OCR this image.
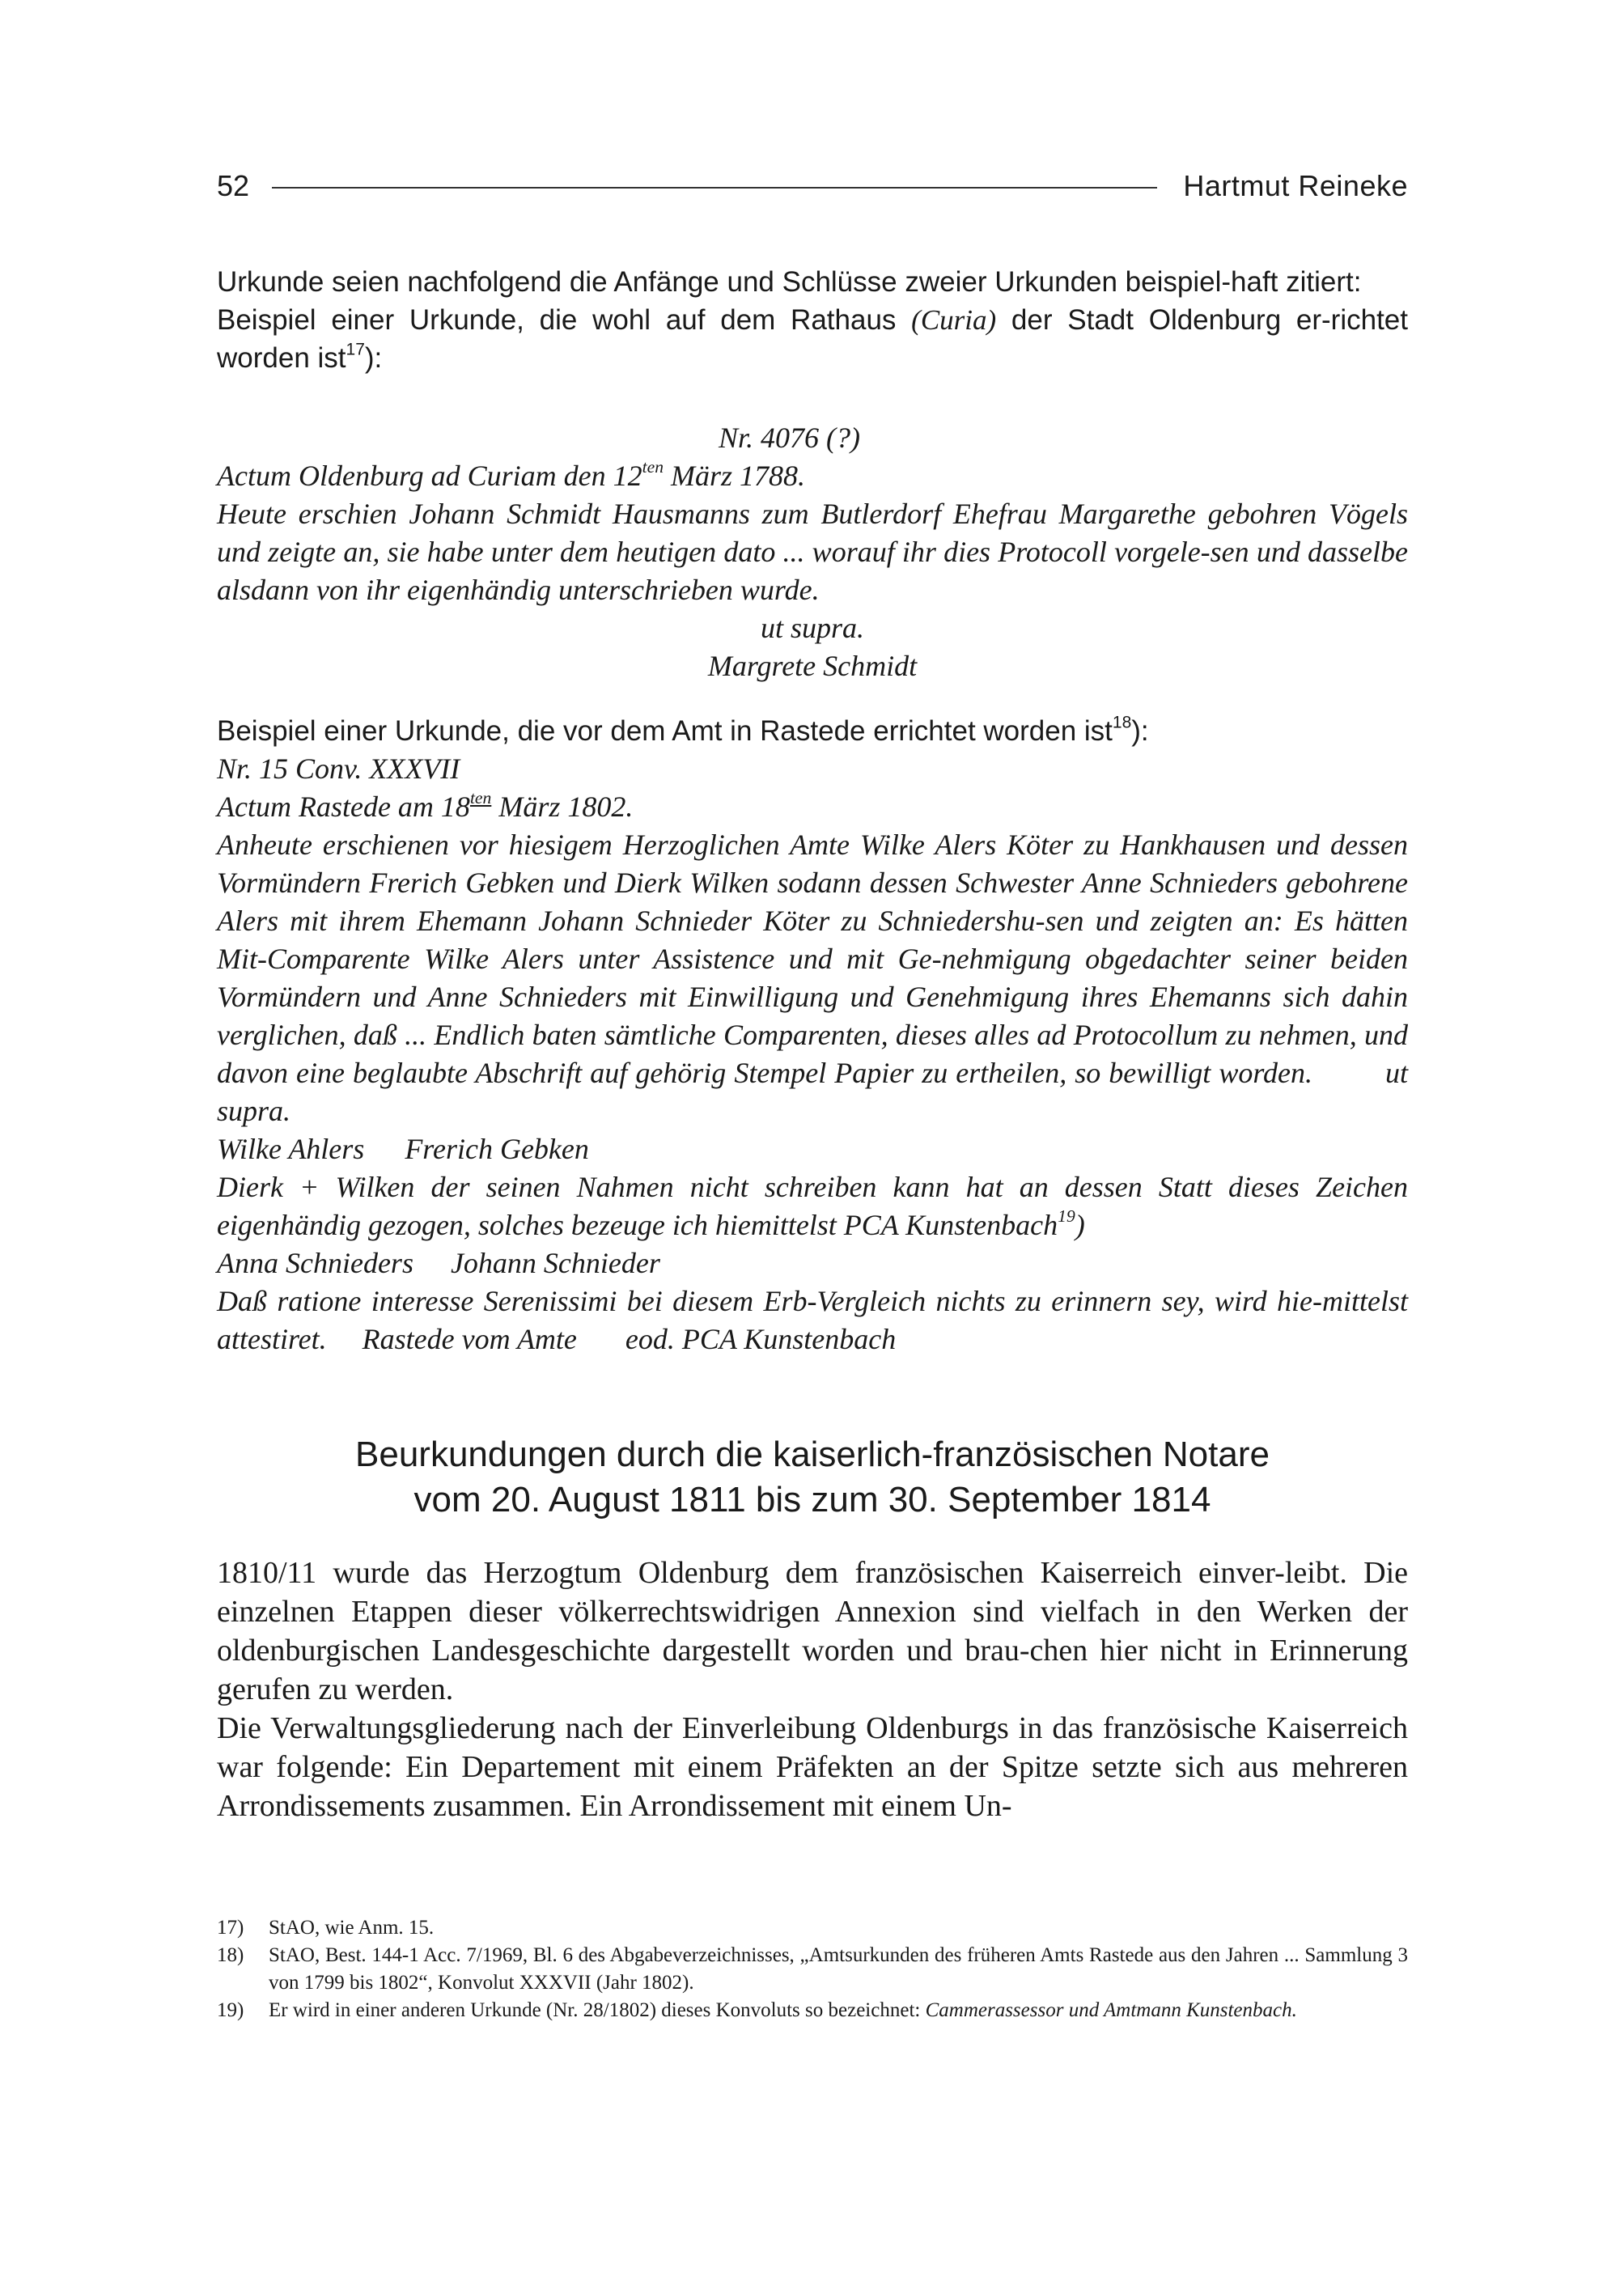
52	Hartmut Reineke

Urkunde seien nachfolgend die Anfänge und Schlüsse zweier Urkunden beispiel-haft zitiert:

Beispiel einer Urkunde, die wohl auf dem Rathaus (Curia) der Stadt Oldenburg er-richtet worden ist$^{17}$):

Nr. 4076 (?)

Actum Oldenburg ad Curiam den $12^{ten}$ März 1788.

Heute erschien Johann Schmidt Hausmanns zum Butlerdorf Ehefrau Margarethe gebohren Vögels und zeigte an, sie habe unter dem heutigen dato ... worauf ihr dies Protocoll vorgele-sen und dasselbe alsdann von ihr eigenhändig unterschrieben wurde.

ut supra.

Margrete Schmidt

Beispiel einer Urkunde, die vor dem Amt in Rastede errichtet worden ist$^{18}$):

Nr. 15 Conv. XXXVII

Actum Rastede am $18^{ten}$ März 1802.

Anheute erschienen vor hiesigem Herzoglichen Amte Wilke Alers Köter zu Hankhausen und dessen Vormündern Frerich Gebken und Dierk Wilken sodann dessen Schwester Anne Schnieders gebohrene Alers mit ihrem Ehemann Johann Schnieder Köter zu Schniedershu-sen und zeigten an: Es hätten Mit-Comparente Wilke Alers unter Assistence und mit Ge-nehmigung obgedachter seiner beiden Vormündern und Anne Schnieders mit Einwilligung und Genehmigung ihres Ehemanns sich dahin verglichen, daß ... Endlich baten sämtliche Comparenten, dieses alles ad Protocollum zu nehmen, und davon eine beglaubte Abschrift auf gehörig Stempel Papier zu ertheilen, so bewilligt worden.	ut supra.

Wilke Ahlers Frerich Gebken

Dierk + Wilken der seinen Nahmen nicht schreiben kann hat an dessen Statt dieses Zeichen eigenhändig gezogen, solches bezeuge ich hiemittelst PCA Kunstenbach$^{19}$)

Anna Schnieders Johann Schnieder

Daß ratione interesse Serenissimi bei diesem Erb-Vergleich nichts zu erinnern sey, wird hie-mittelst attestiret. Rastede vom Amte eod. PCA Kunstenbach

Beurkundungen durch die kaiserlich-französischen Notare
vom 20. August 1811 bis zum 30. September 1814

1810/11 wurde das Herzogtum Oldenburg dem französischen Kaiserreich einver-leibt. Die einzelnen Etappen dieser völkerrechtswidrigen Annexion sind vielfach in den Werken der oldenburgischen Landesgeschichte dargestellt worden und brau-chen hier nicht in Erinnerung gerufen zu werden.

Die Verwaltungsgliederung nach der Einverleibung Oldenburgs in das französische Kaiserreich war folgende: Ein Departement mit einem Präfekten an der Spitze setzte sich aus mehreren Arrondissements zusammen. Ein Arrondissement mit einem Un-

17)	StAO, wie Anm. 15.
18)	StAO, Best. 144-1 Acc. 7/1969, Bl. 6 des Abgabeverzeichnisses, „Amtsurkunden des früheren Amts Rastede aus den Jahren ... Sammlung 3 von 1799 bis 1802“, Konvolut XXXVII (Jahr 1802).
19)	Er wird in einer anderen Urkunde (Nr. 28/1802) dieses Konvoluts so bezeichnet: Cammerassessor und Amtmann Kunstenbach.
